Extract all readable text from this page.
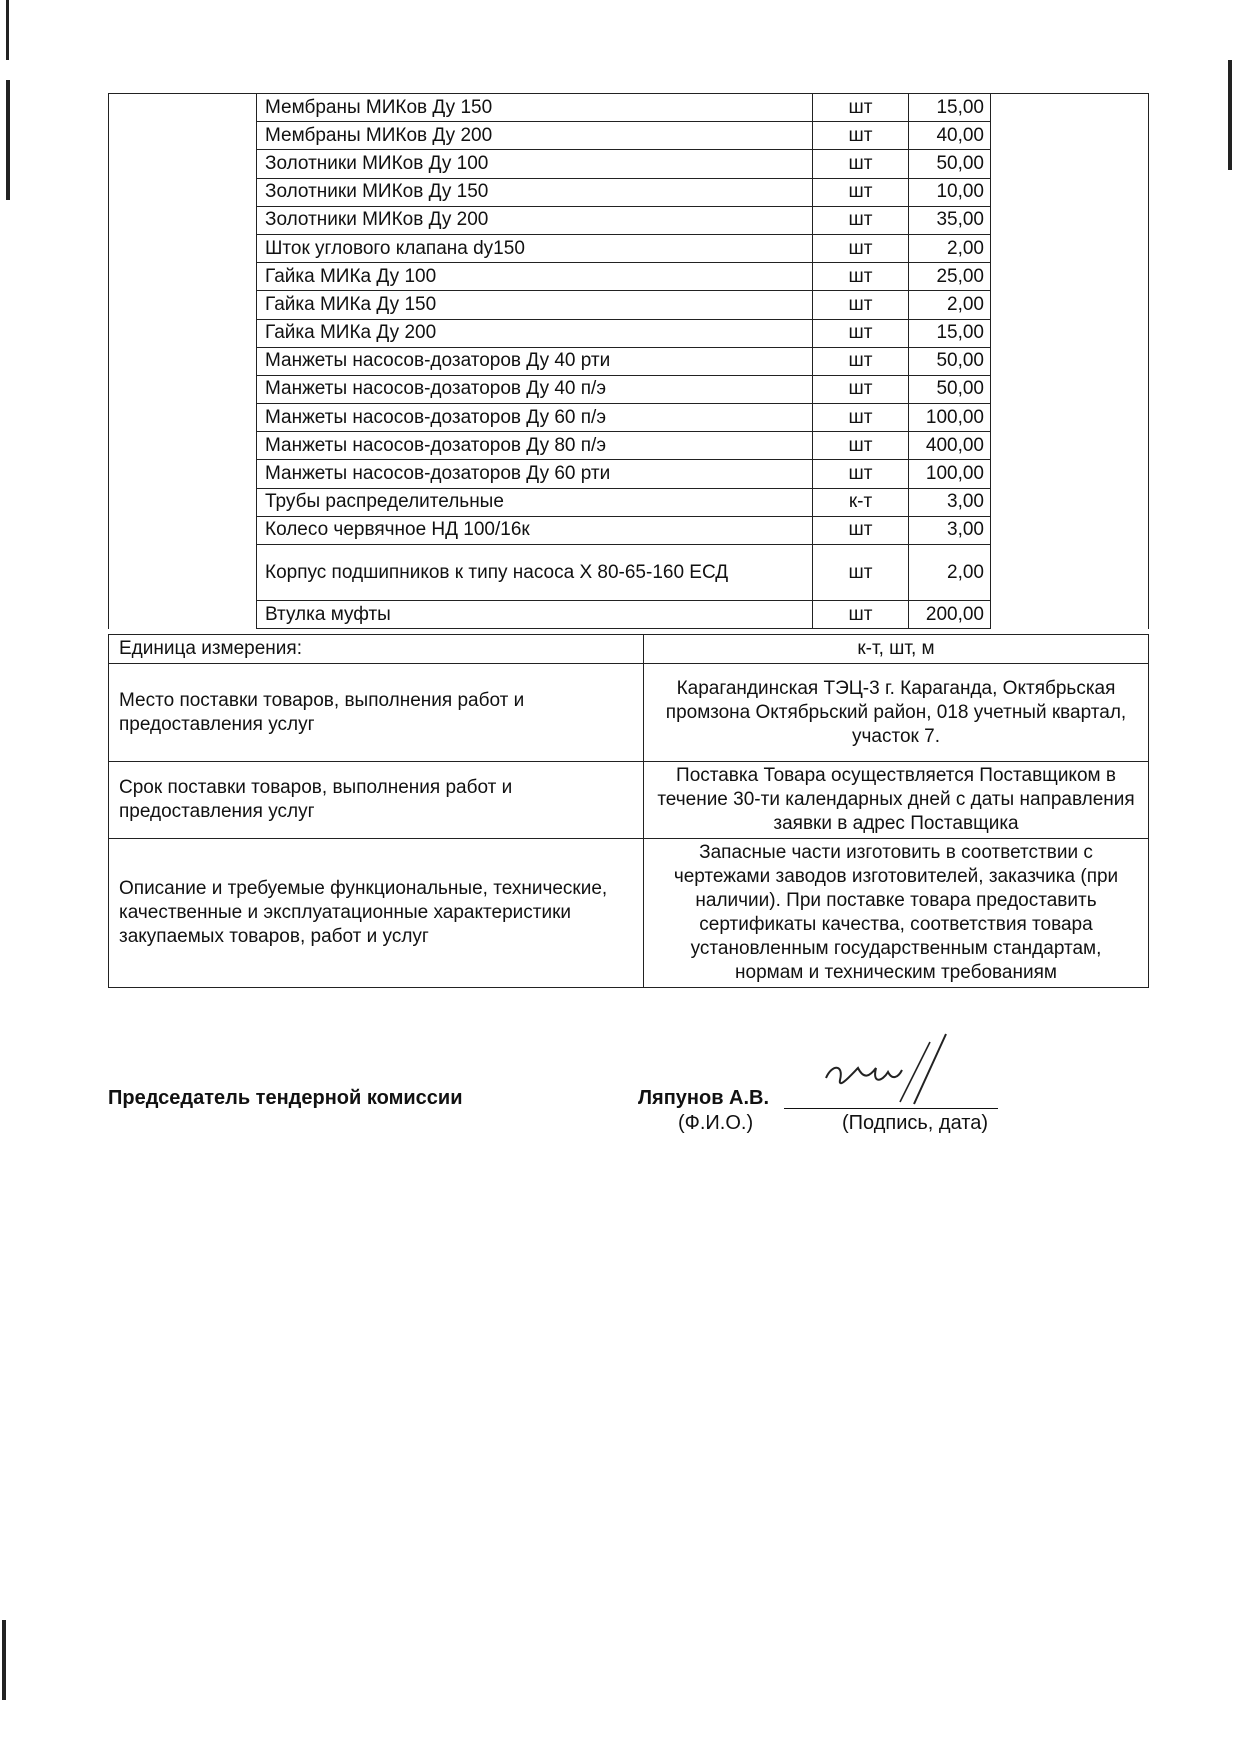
	Мембраны МИКов Ду 150	шт	15,00	
	Мембраны МИКов Ду 200	шт	40,00	
	Золотники МИКов Ду 100	шт	50,00	
	Золотники МИКов Ду 150	шт	10,00	
	Золотники МИКов Ду 200	шт	35,00	
	Шток углового клапана dy150	шт	2,00	
	Гайка МИКа Ду 100	шт	25,00	
	Гайка МИКа Ду 150	шт	2,00	
	Гайка МИКа Ду 200	шт	15,00	
	Манжеты насосов-дозаторов Ду 40 рти	шт	50,00	
	Манжеты насосов-дозаторов Ду 40 п/э	шт	50,00	
	Манжеты насосов-дозаторов Ду 60 п/э	шт	100,00	
	Манжеты насосов-дозаторов Ду 80 п/э	шт	400,00	
	Манжеты насосов-дозаторов Ду 60 рти	шт	100,00	
	Трубы распределительные	к-т	3,00	
	Колесо червячное НД 100/16к	шт	3,00	
	Корпус подшипников к типу насоса Х 80-65-160 ЕСД	шт	2,00	
	Втулка муфты	шт	200,00	
Единица измерения:	к-т, шт, м
Место поставки товаров, выполнения работ и предоставления услуг	Карагандинская ТЭЦ-3 г. Караганда, Октябрьская промзона Октябрьский район, 018 учетный квартал, участок 7.
Срок поставки товаров, выполнения работ и предоставления услуг	Поставка Товара осуществляется Поставщиком в течение 30-ти календарных дней с даты направления заявки в адрес Поставщика
Описание и требуемые функциональные, технические, качественные и эксплуатационные характеристики закупаемых товаров, работ и услуг	Запасные части изготовить в соответствии с чертежами заводов изготовителей, заказчика (при наличии). При поставке товара предоставить сертификаты качества, соответствия товара установленным государственным стандартам, нормам и техническим требованиям
Председатель тендерной комиссии	Ляпунов А.В.
(Ф.И.О.)	(Подпись, дата)
